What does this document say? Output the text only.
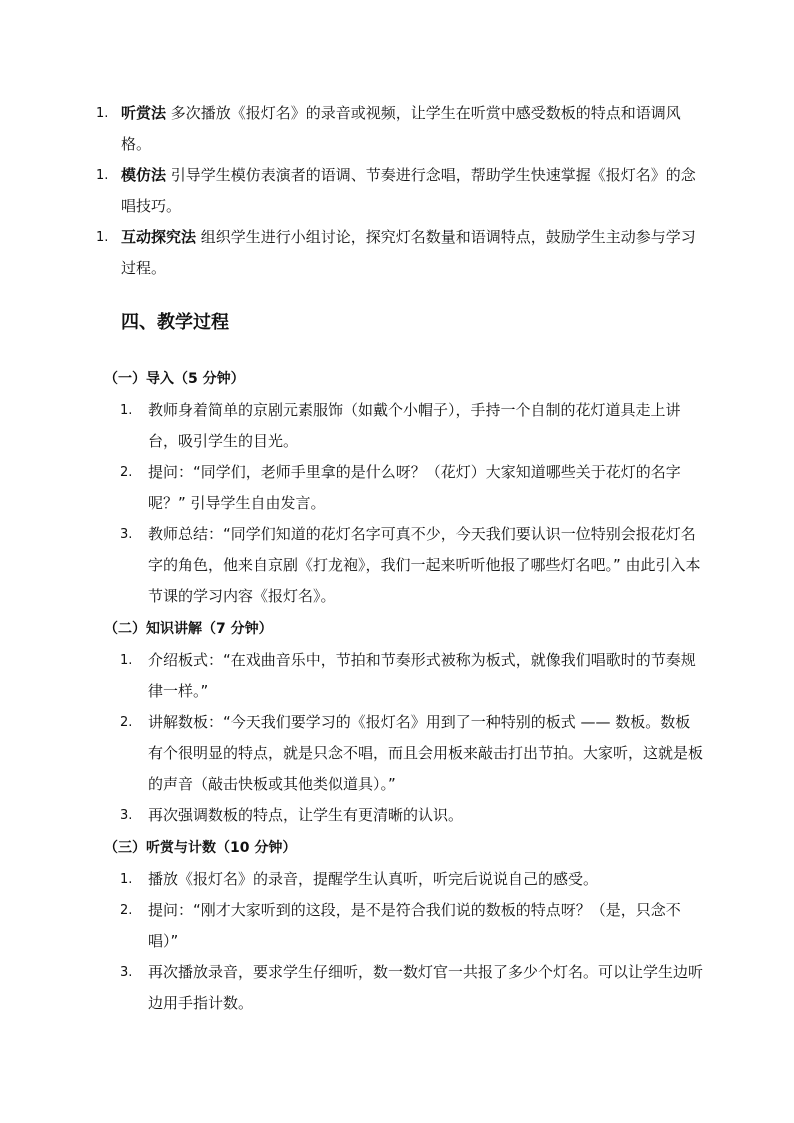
1. 听赏法 多次播放《报灯名》的录音或视频，让学生在听赏中感受数板的特点和语调风格。
1. 模仿法 引导学生模仿表演者的语调、节奏进行念唱，帮助学生快速掌握《报灯名》的念唱技巧。
1. 互动探究法 组织学生进行小组讨论，探究灯名数量和语调特点，鼓励学生主动参与学习过程。
四、教学过程
（一）导入（5 分钟）
1. 教师身着简单的京剧元素服饰（如戴个小帽子），手持一个自制的花灯道具走上讲台，吸引学生的目光。
2. 提问：“同学们，老师手里拿的是什么呀？（花灯）大家知道哪些关于花灯的名字呢？” 引导学生自由发言。
3. 教师总结：“同学们知道的花灯名字可真不少，今天我们要认识一位特别会报花灯名字的角色，他来自京剧《打龙袍》，我们一起来听听他报了哪些灯名吧。” 由此引入本节课的学习内容《报灯名》。
（二）知识讲解（7 分钟）
1. 介绍板式：“在戏曲音乐中，节拍和节奏形式被称为板式，就像我们唱歌时的节奏规律一样。”
2. 讲解数板：“今天我们要学习的《报灯名》用到了一种特别的板式 —— 数板。数板有个很明显的特点，就是只念不唱，而且会用板来敲击打出节拍。大家听，这就是板的声音（敲击快板或其他类似道具）。”
3. 再次强调数板的特点，让学生有更清晰的认识。
（三）听赏与计数（10 分钟）
1. 播放《报灯名》的录音，提醒学生认真听，听完后说说自己的感受。
2. 提问：“刚才大家听到的这段，是不是符合我们说的数板的特点呀？（是，只念不唱）”
3. 再次播放录音，要求学生仔细听，数一数灯官一共报了多少个灯名。可以让学生边听边用手指计数。
